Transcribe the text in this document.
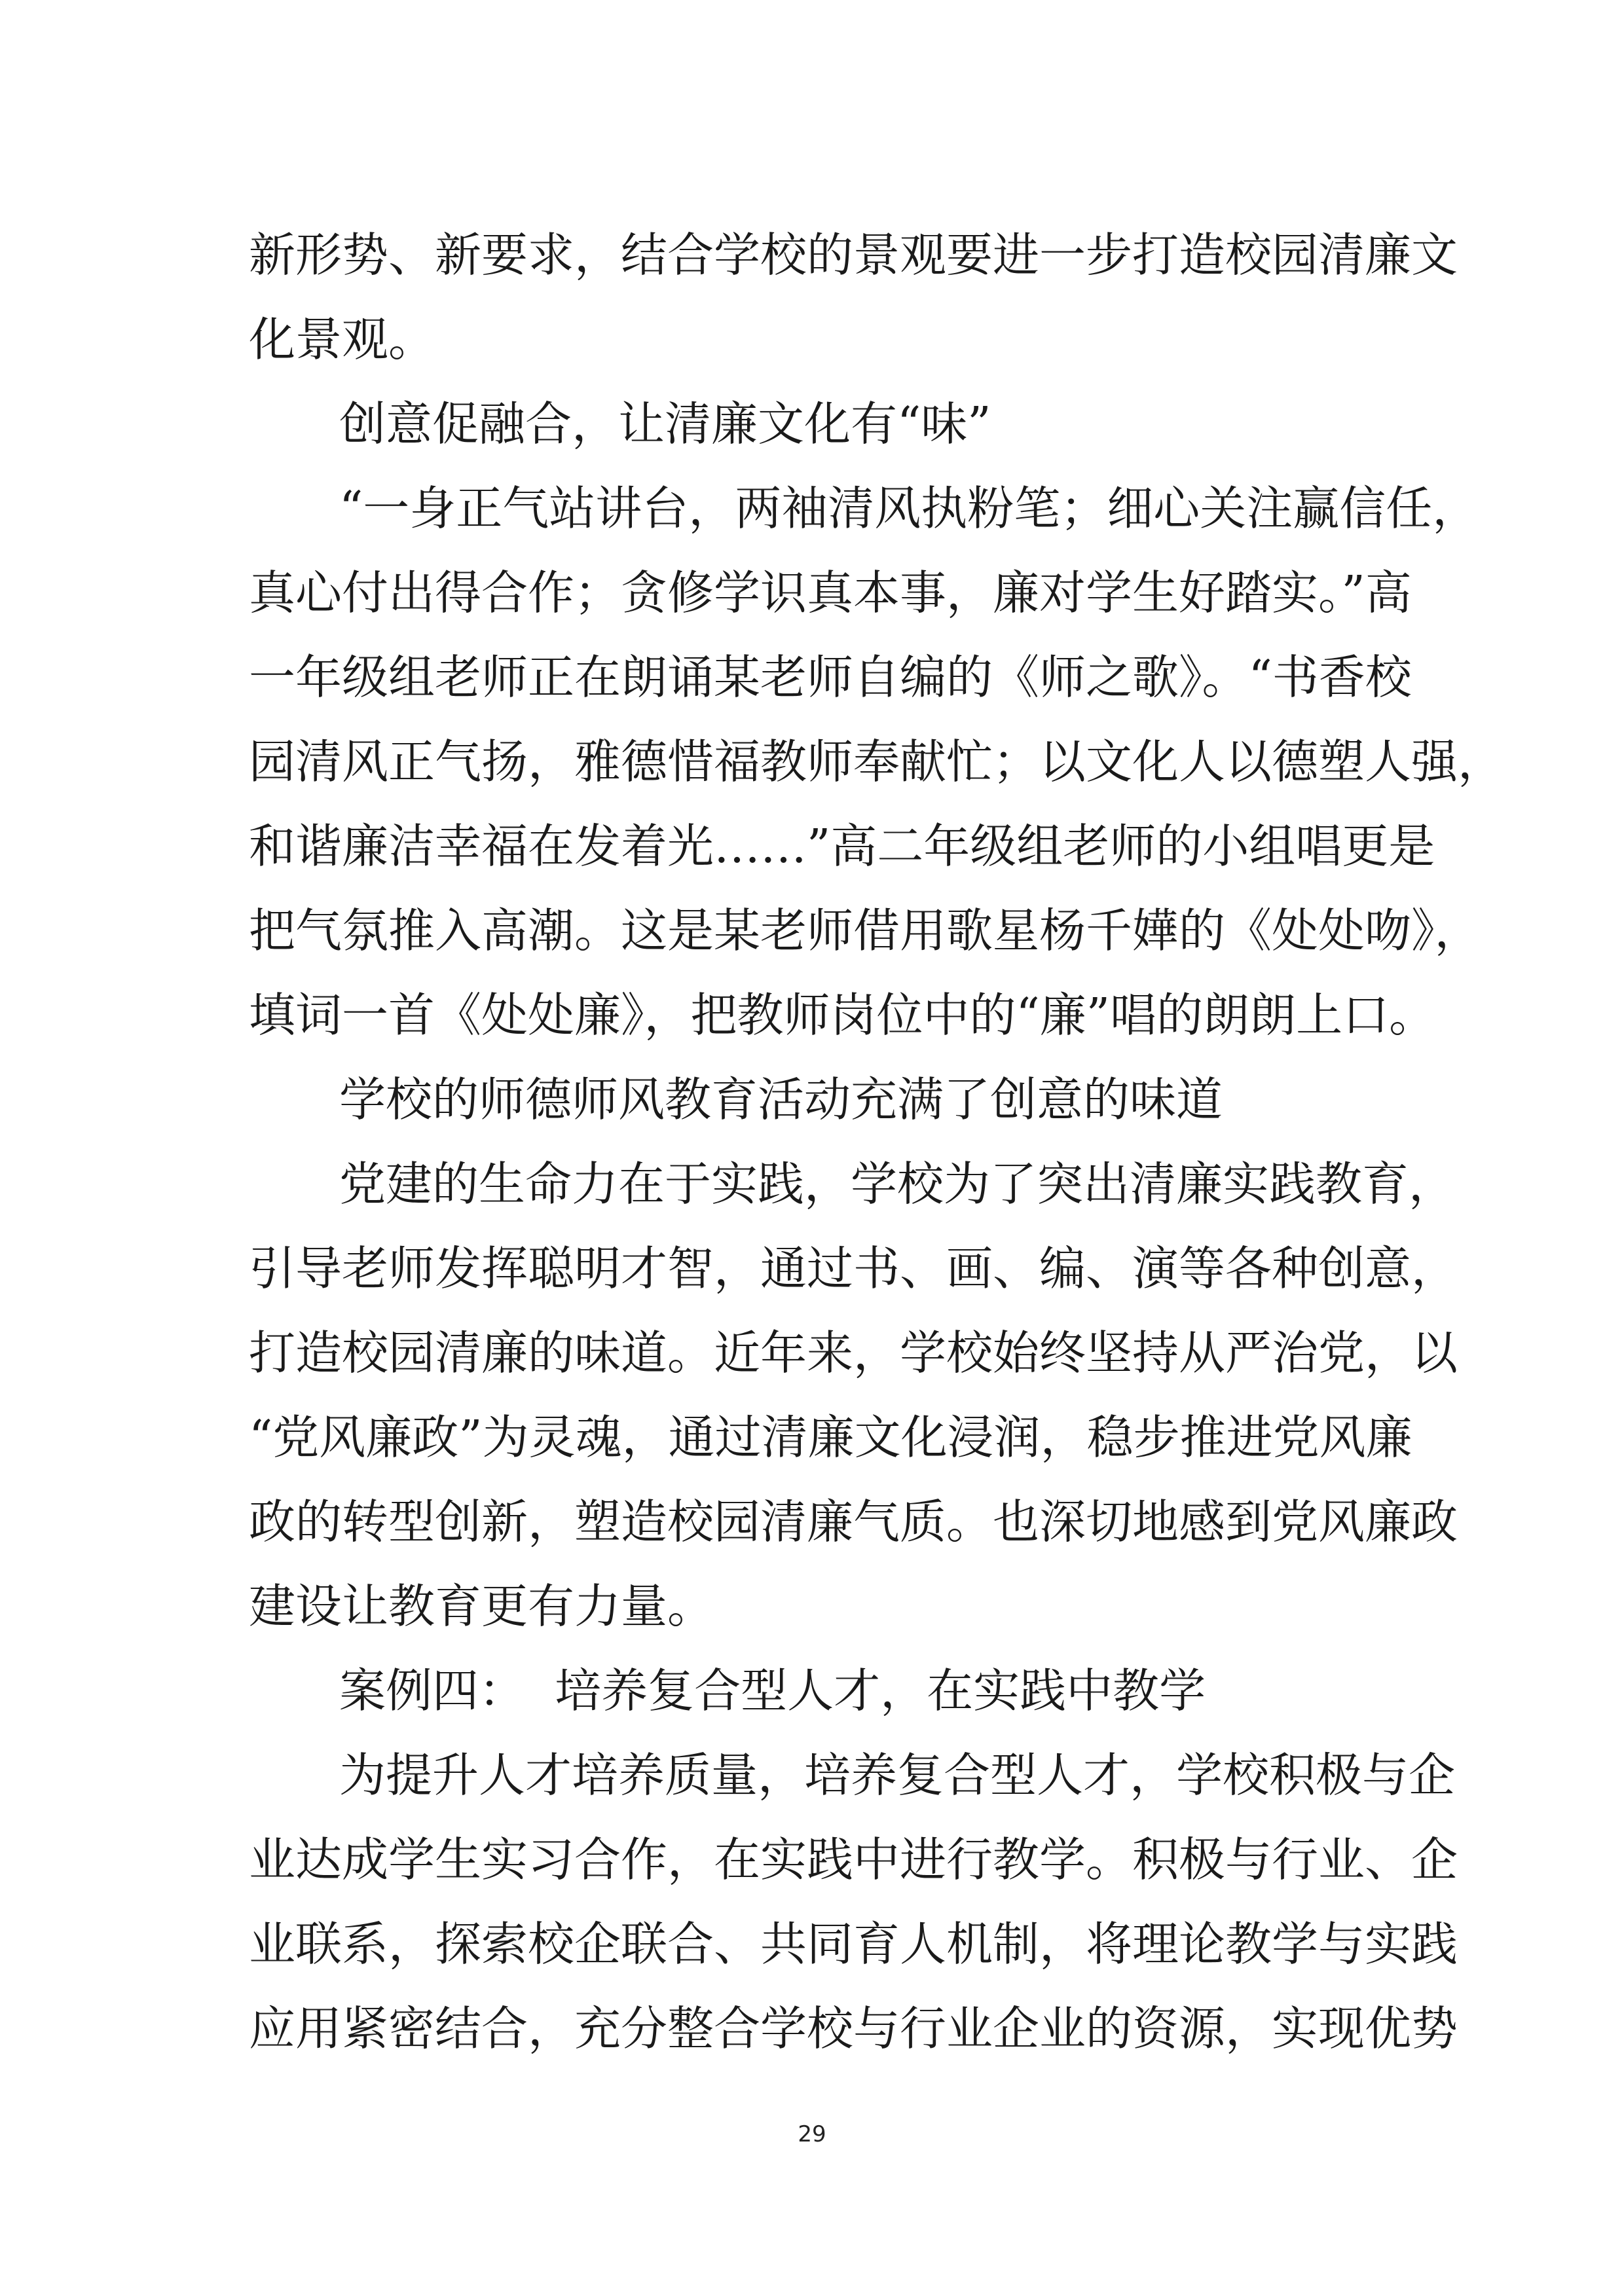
新形势、新要求，结合学校的景观要进一步打造校园清廉文
化景观。
创意促融合，让清廉文化有“味”
“一身正气站讲台，两袖清风执粉笔；细心关注赢信任，
真心付出得合作；贪修学识真本事，廉对学生好踏实。”高
一年级组老师正在朗诵某老师自编的《师之歌》。“书香校
园清风正气扬，雅德惜福教师奉献忙；以文化人以德塑人强，
和谐廉洁幸福在发着光……”高二年级组老师的小组唱更是
把气氛推入高潮。这是某老师借用歌星杨千嬅的《处处吻》，
填词一首《处处廉》，把教师岗位中的“廉”唱的朗朗上口。
学校的师德师风教育活动充满了创意的味道
党建的生命力在于实践，学校为了突出清廉实践教育，
引导老师发挥聪明才智，通过书、画、编、演等各种创意，
打造校园清廉的味道。近年来，学校始终坚持从严治党，以
“党风廉政”为灵魂，通过清廉文化浸润，稳步推进党风廉
政的转型创新，塑造校园清廉气质。也深切地感到党风廉政
建设让教育更有力量。
案例四：  培养复合型人才，在实践中教学
为提升人才培养质量，培养复合型人才，学校积极与企
业达成学生实习合作，在实践中进行教学。积极与行业、企
业联系，探索校企联合、共同育人机制，将理论教学与实践
应用紧密结合，充分整合学校与行业企业的资源，实现优势
29
